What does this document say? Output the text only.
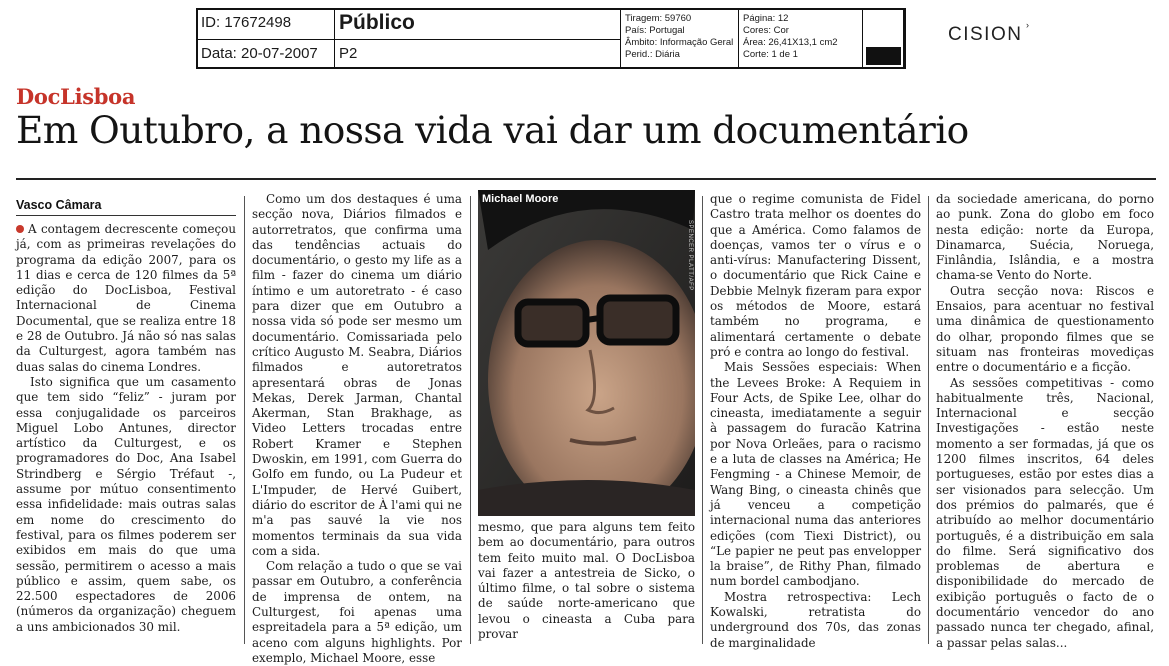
ID: 17672498
Data: 20-07-2007
Público
P2
Tiragem: 59760
País: Portugal
Âmbito: Informação Geral
Perid.: Diária
Página: 12
Cores: Cor
Área: 26,41X13,1 cm2
Corte: 1 de 1
CISION ›
DocLisboa
Em Outubro, a nossa vida vai dar um documentário
Vasco Câmara

A contagem decrescente começou já, com as primeiras revelações do programa da edição 2007, para os 11 dias e cerca de 120 filmes da 5ª edição do DocLisboa, Festival Internacional de Cinema Documental, que se realiza entre 18 e 28 de Outubro. Já não só nas salas da Culturgest, agora também nas duas salas do cinema Londres.

Isto significa que um casamento que tem sido “feliz” - juram por essa conjugalidade os parceiros Miguel Lobo Antunes, director artístico da Culturgest, e os programadores do Doc, Ana Isabel Strindberg e Sérgio Tréfaut -, assume por mútuo consentimento essa infidelidade: mais outras salas em nome do crescimento do festival, para os filmes poderem ser exibidos em mais do que uma sessão, permitirem o acesso a mais público e assim, quem sabe, os 22.500 espectadores de 2006 (números da organização) cheguem a uns ambicionados 30 mil.

Como um dos destaques é uma secção nova, Diários filmados e autorretratos, que confirma uma das tendências actuais do documentário, o gesto my life as a film - fazer do cinema um diário íntimo e um autoretrato - é caso para dizer que em Outubro a nossa vida só pode ser mesmo um documentário. Comissariada pelo crítico Augusto M. Seabra, Diários filmados e autoretratos apresentará obras de Jonas Mekas, Derek Jarman, Chantal Akerman, Stan Brakhage, as Video Letters trocadas entre Robert Kramer e Stephen Dwoskin, em 1991, com Guerra do Golfo em fundo, ou La Pudeur et L'Impuder, de Hervé Guibert, diário do escritor de À l'ami qui ne m'a pas sauvé la vie nos momentos terminais da sua vida com a sida.

Com relação a tudo o que se vai passar em Outubro, a conferência de imprensa de ontem, na Culturgest, foi apenas uma espreitadela para a 5ª edição, um aceno com alguns highlights. Por exemplo, Michael Moore, esse

Michael Moore
SPENCER PLATT/AFP

mesmo, que para alguns tem feito bem ao documentário, para outros tem feito muito mal. O DocLisboa vai fazer a antestreia de Sicko, o último filme, o tal sobre o sistema de saúde norte-americano que levou o cineasta a Cuba para provar

que o regime comunista de Fidel Castro trata melhor os doentes do que a América. Como falamos de doenças, vamos ter o vírus e o anti-vírus: Manufactering Dissent, o documentário que Rick Caine e Debbie Melnyk fizeram para expor os métodos de Moore, estará também no programa, e alimentará certamente o debate pró e contra ao longo do festival.

Mais Sessões especiais: When the Levees Broke: A Requiem in Four Acts, de Spike Lee, olhar do cineasta, imediatamente a seguir à passagem do furacão Katrina por Nova Orleães, para o racismo e a luta de classes na América; He Fengming - a Chinese Memoir, de Wang Bing, o cineasta chinês que já venceu a competição internacional numa das anteriores edições (com Tiexi District), ou “Le papier ne peut pas envelopper la braise”, de Rithy Phan, filmado num bordel cambodjano.

Mostra retrospectiva: Lech Kowalski, retratista do underground dos 70s, das zonas de marginalidade

da sociedade americana, do porno ao punk. Zona do globo em foco nesta edição: norte da Europa, Dinamarca, Suécia, Noruega, Finlândia, Islândia, e a mostra chama-se Vento do Norte.

Outra secção nova: Riscos e Ensaios, para acentuar no festival uma dinâmica de questionamento do olhar, propondo filmes que se situam nas fronteiras movediças entre o documentário e a ficção.

As sessões competitivas - como habitualmente três, Nacional, Internacional e secção Investigações - estão neste momento a ser formadas, já que os 1200 filmes inscritos, 64 deles portugueses, estão por estes dias a ser visionados para selecção. Um dos prémios do palmarés, que é atribuído ao melhor documentário português, é a distribuição em sala do filme. Será significativo dos problemas de abertura e disponibilidade do mercado de exibição português o facto de o documentário vencedor do ano passado nunca ter chegado, afinal, a passar pelas salas...
